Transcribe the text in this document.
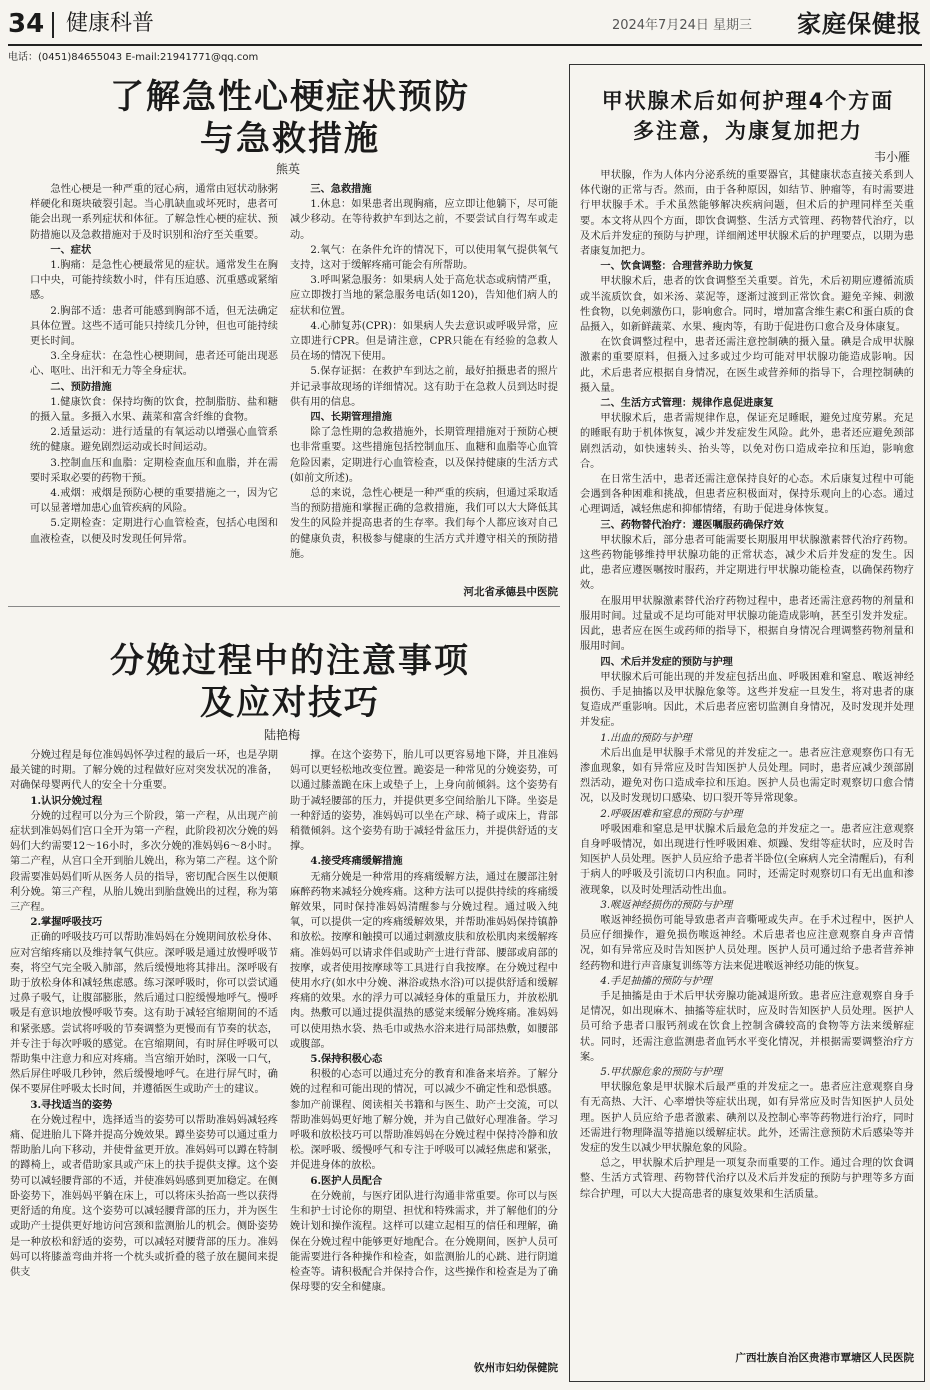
34 健康科普	2024年7月24日 星期三 家庭保健报
电话：(0451)84655043 E-mail:21941771@qq.com
了解急性心梗症状预防
与急救措施
熊英

急性心梗是一种严重的冠心病，通常由冠状动脉粥样硬化和斑块破裂引起。当心肌缺血或坏死时，患者可能会出现一系列症状和体征。了解急性心梗的症状、预防措施以及急救措施对于及时识别和治疗至关重要。

一、症状

1.胸痛：是急性心梗最常见的症状。通常发生在胸口中央，可能持续数小时，伴有压迫感、沉重感或紧缩感。

2.胸部不适：患者可能感到胸部不适，但无法确定具体位置。这些不适可能只持续几分钟，但也可能持续更长时间。

3.全身症状：在急性心梗期间，患者还可能出现恶心、呕吐、出汗和无力等全身症状。

二、预防措施

1.健康饮食：保持均衡的饮食，控制脂肪、盐和糖的摄入量。多摄入水果、蔬菜和富含纤维的食物。

2.适量运动：进行适量的有氧运动以增强心血管系统的健康。避免剧烈运动或长时间运动。

3.控制血压和血脂：定期检查血压和血脂，并在需要时采取必要的药物干预。

4.戒烟：戒烟是预防心梗的重要措施之一，因为它可以显著增加患心血管疾病的风险。

5.定期检查：定期进行心血管检查，包括心电图和血液检查，以便及时发现任何异常。

三、急救措施

1.休息：如果患者出现胸痛，应立即让他躺下，尽可能减少移动。在等待救护车到达之前，不要尝试自行驾车或走动。

2.氧气：在条件允许的情况下，可以使用氧气提供氧气支持，这对于缓解疼痛可能会有所帮助。

3.呼叫紧急服务：如果病人处于高危状态或病情严重，应立即拨打当地的紧急服务电话(如120)，告知他们病人的症状和位置。

4.心肺复苏(CPR)：如果病人失去意识或呼吸异常，应立即进行CPR。但是请注意，CPR只能在有经验的急救人员在场的情况下使用。

5.保存证据：在救护车到达之前，最好拍摄患者的照片并记录事故现场的详细情况。这有助于在急救人员到达时提供有用的信息。

四、长期管理措施

除了急性期的急救措施外，长期管理措施对于预防心梗也非常重要。这些措施包括控制血压、血糖和血脂等心血管危险因素，定期进行心血管检查，以及保持健康的生活方式(如前文所述)。

总的来说，急性心梗是一种严重的疾病，但通过采取适当的预防措施和掌握正确的急救措施，我们可以大大降低其发生的风险并提高患者的生存率。我们每个人都应该对自己的健康负责，积极参与健康的生活方式并遵守相关的预防措施。

河北省承德县中医院
分娩过程中的注意事项
及应对技巧
陆艳梅

分娩过程是每位准妈妈怀孕过程的最后一环，也是孕期最关键的时期。了解分娩的过程做好应对突发状况的准备，对确保母婴两代人的安全十分重要。

1.认识分娩过程

分娩的过程可以分为三个阶段，第一产程，从出现产前症状到准妈妈们宫口全开为第一产程，此阶段初次分娩的妈妈们大约需要12～16小时，多次分娩的准妈妈6～8小时。第二产程，从宫口全开到胎儿娩出，称为第二产程。这个阶段需要准妈妈们听从医务人员的指导，密切配合医生以便顺利分娩。第三产程，从胎儿娩出到胎盘娩出的过程，称为第三产程。

2.掌握呼吸技巧

正确的呼吸技巧可以帮助准妈妈在分娩期间放松身体、应对宫缩疼痛以及维持氧气供应。深呼吸是通过放慢呼吸节奏，将空气完全吸入肺部，然后缓慢地将其排出。深呼吸有助于放松身体和减轻焦虑感。练习深呼吸时，你可以尝试通过鼻子吸气，让腹部膨胀，然后通过口腔缓慢地呼气。慢呼吸是有意识地放慢呼吸节奏。这有助于减轻宫缩期间的不适和紧张感。尝试将呼吸的节奏调整为更慢而有节奏的状态，并专注于每次呼吸的感觉。在宫缩期间，有时屏住呼吸可以帮助集中注意力和应对疼痛。当宫缩开始时，深吸一口气，然后屏住呼吸几秒钟，然后缓慢地呼气。在进行屏气时，确保不要屏住呼吸太长时间，并遵循医生或助产士的建议。

3.寻找适当的姿势

在分娩过程中，选择适当的姿势可以帮助准妈妈减轻疼痛、促进胎儿下降并提高分娩效果。蹲坐姿势可以通过重力帮助胎儿向下移动，并使骨盆更开放。准妈妈可以蹲在特制的蹲椅上，或者借助家具或产床上的扶手提供支撑。这个姿势可以减轻腰背部的不适，并使准妈妈感到更加稳定。在侧卧姿势下，准妈妈平躺在床上，可以将床头抬高一些以获得更舒适的角度。这个姿势可以减轻腰背部的压力，并为医生或助产士提供更好地访问宫颈和监测胎儿的机会。侧卧姿势是一种放松和舒适的姿势，可以减轻对腰背部的压力。准妈妈可以将膝盖弯曲并将一个枕头或折叠的毯子放在腿间来提供支

撑。在这个姿势下，胎儿可以更容易地下降，并且准妈妈可以更轻松地改变位置。跪姿是一种常见的分娩姿势，可以通过膝盖跪在床上或垫子上，上身向前倾斜。这个姿势有助于减轻腰部的压力，并提供更多空间给胎儿下降。坐姿是一种舒适的姿势，准妈妈可以坐在产球、椅子或床上，背部稍微倾斜。这个姿势有助于减轻骨盆压力，并提供舒适的支撑。

4.接受疼痛缓解措施

无痛分娩是一种常用的疼痛缓解方法，通过在腰部注射麻醉药物来减轻分娩疼痛。这种方法可以提供持续的疼痛缓解效果，同时保持准妈妈清醒参与分娩过程。通过吸入纯氧，可以提供一定的疼痛缓解效果，并帮助准妈妈保持镇静和放松。按摩和触摸可以通过刺激皮肤和放松肌肉来缓解疼痛。准妈妈可以请求伴侣或助产士进行背部、腰部或肩部的按摩，或者使用按摩球等工具进行自我按摩。在分娩过程中使用水疗(如水中分娩、淋浴或热水浴)可以提供舒适和缓解疼痛的效果。水的浮力可以减轻身体的重量压力，并放松肌肉。热敷可以通过提供温热的感觉来缓解分娩疼痛。准妈妈可以使用热水袋、热毛巾或热水浴来进行局部热敷，如腰部或腹部。

5.保持积极心态

积极的心态可以通过充分的教育和准备来培养。了解分娩的过程和可能出现的情况，可以减少不确定性和恐惧感。参加产前课程、阅读相关书籍和与医生、助产士交流，可以帮助准妈妈更好地了解分娩，并为自己做好心理准备。学习呼吸和放松技巧可以帮助准妈妈在分娩过程中保持冷静和放松。深呼吸、缓慢呼气和专注于呼吸可以减轻焦虑和紧张，并促进身体的放松。

6.医护人员配合

在分娩前，与医疗团队进行沟通非常重要。你可以与医生和护士讨论你的期望、担忧和特殊需求，并了解他们的分娩计划和操作流程。这样可以建立起相互的信任和理解，确保在分娩过程中能够更好地配合。在分娩期间，医护人员可能需要进行各种操作和检查，如监测胎儿的心跳、进行阴道检查等。请积极配合并保持合作，这些操作和检查是为了确保母婴的安全和健康。

钦州市妇幼保健院
甲状腺术后如何护理4个方面
多注意，为康复加把力
韦小雁

甲状腺，作为人体内分泌系统的重要器官，其健康状态直接关系到人体代谢的正常与否。然而，由于各种原因，如结节、肿瘤等，有时需要进行甲状腺手术。手术虽然能够解决疾病问题，但术后的护理同样至关重要。本文将从四个方面，即饮食调整、生活方式管理、药物替代治疗，以及术后并发症的预防与护理，详细阐述甲状腺术后的护理要点，以期为患者康复加把力。

一、饮食调整：合理营养助力恢复

甲状腺术后，患者的饮食调整至关重要。首先，术后初期应遵循流质或半流质饮食，如米汤、菜泥等，逐渐过渡到正常饮食。避免辛辣、刺激性食物，以免刺激伤口，影响愈合。同时，增加富含维生素C和蛋白质的食品摄入，如新鲜蔬菜、水果、瘦肉等，有助于促进伤口愈合及身体康复。

在饮食调整过程中，患者还需注意控制碘的摄入量。碘是合成甲状腺激素的重要原料，但摄入过多或过少均可能对甲状腺功能造成影响。因此，术后患者应根据自身情况，在医生或营养师的指导下，合理控制碘的摄入量。

二、生活方式管理：规律作息促进康复

甲状腺术后，患者需规律作息，保证充足睡眠，避免过度劳累。充足的睡眠有助于机体恢复，减少并发症发生风险。此外，患者还应避免颈部剧烈活动，如快速转头、抬头等，以免对伤口造成牵拉和压迫，影响愈合。

在日常生活中，患者还需注意保持良好的心态。术后康复过程中可能会遇到各种困难和挑战，但患者应积极面对，保持乐观向上的心态。通过心理调适，减轻焦虑和抑郁情绪，有助于促进身体恢复。

三、药物替代治疗：遵医嘱服药确保疗效

甲状腺术后，部分患者可能需要长期服用甲状腺激素替代治疗药物。这些药物能够维持甲状腺功能的正常状态，减少术后并发症的发生。因此，患者应遵医嘱按时服药，并定期进行甲状腺功能检查，以确保药物疗效。

在服用甲状腺激素替代治疗药物过程中，患者还需注意药物的剂量和服用时间。过量或不足均可能对甲状腺功能造成影响，甚至引发并发症。因此，患者应在医生或药师的指导下，根据自身情况合理调整药物剂量和服用时间。

四、术后并发症的预防与护理

甲状腺术后可能出现的并发症包括出血、呼吸困难和窒息、喉返神经损伤、手足抽搐以及甲状腺危象等。这些并发症一旦发生，将对患者的康复造成严重影响。因此，术后患者应密切监测自身情况，及时发现并处理并发症。

1.出血的预防与护理

术后出血是甲状腺手术常见的并发症之一。患者应注意观察伤口有无渗血现象，如有异常应及时告知医护人员处理。同时，患者应减少颈部剧烈活动，避免对伤口造成牵拉和压迫。医护人员也需定时观察切口愈合情况，以及时发现切口感染、切口裂开等异常现象。

2.呼吸困难和窒息的预防与护理

呼吸困难和窒息是甲状腺术后最危急的并发症之一。患者应注意观察自身呼吸情况，如出现进行性呼吸困难、烦躁、发绀等症状时，应及时告知医护人员处理。医护人员应给予患者半卧位(全麻病人完全清醒后)，有利于病人的呼吸及引流切口内积血。同时，还需定时观察切口有无出血和渗液现象，以及时处理活动性出血。

3.喉返神经损伤的预防与护理

喉返神经损伤可能导致患者声音嘶哑或失声。在手术过程中，医护人员应仔细操作，避免损伤喉返神经。术后患者也应注意观察自身声音情况，如有异常应及时告知医护人员处理。医护人员可通过给予患者营养神经药物和进行声音康复训练等方法来促进喉返神经功能的恢复。

4.手足抽搐的预防与护理

手足抽搐是由于术后甲状旁腺功能减退所致。患者应注意观察自身手足情况，如出现麻木、抽搐等症状时，应及时告知医护人员处理。医护人员可给予患者口服钙剂或在饮食上控制含磷较高的食物等方法来缓解症状。同时，还需注意监测患者血钙水平变化情况，并根据需要调整治疗方案。

5.甲状腺危象的预防与护理

甲状腺危象是甲状腺术后最严重的并发症之一。患者应注意观察自身有无高热、大汗、心率增快等症状出现，如有异常应及时告知医护人员处理。医护人员应给予患者激素、碘剂以及控制心率等药物进行治疗，同时还需进行物理降温等措施以缓解症状。此外，还需注意预防术后感染等并发症的发生以减少甲状腺危象的风险。

总之，甲状腺术后护理是一项复杂而重要的工作。通过合理的饮食调整、生活方式管理、药物替代治疗以及术后并发症的预防与护理等多方面综合护理，可以大大提高患者的康复效果和生活质量。

广西壮族自治区贵港市覃塘区人民医院
